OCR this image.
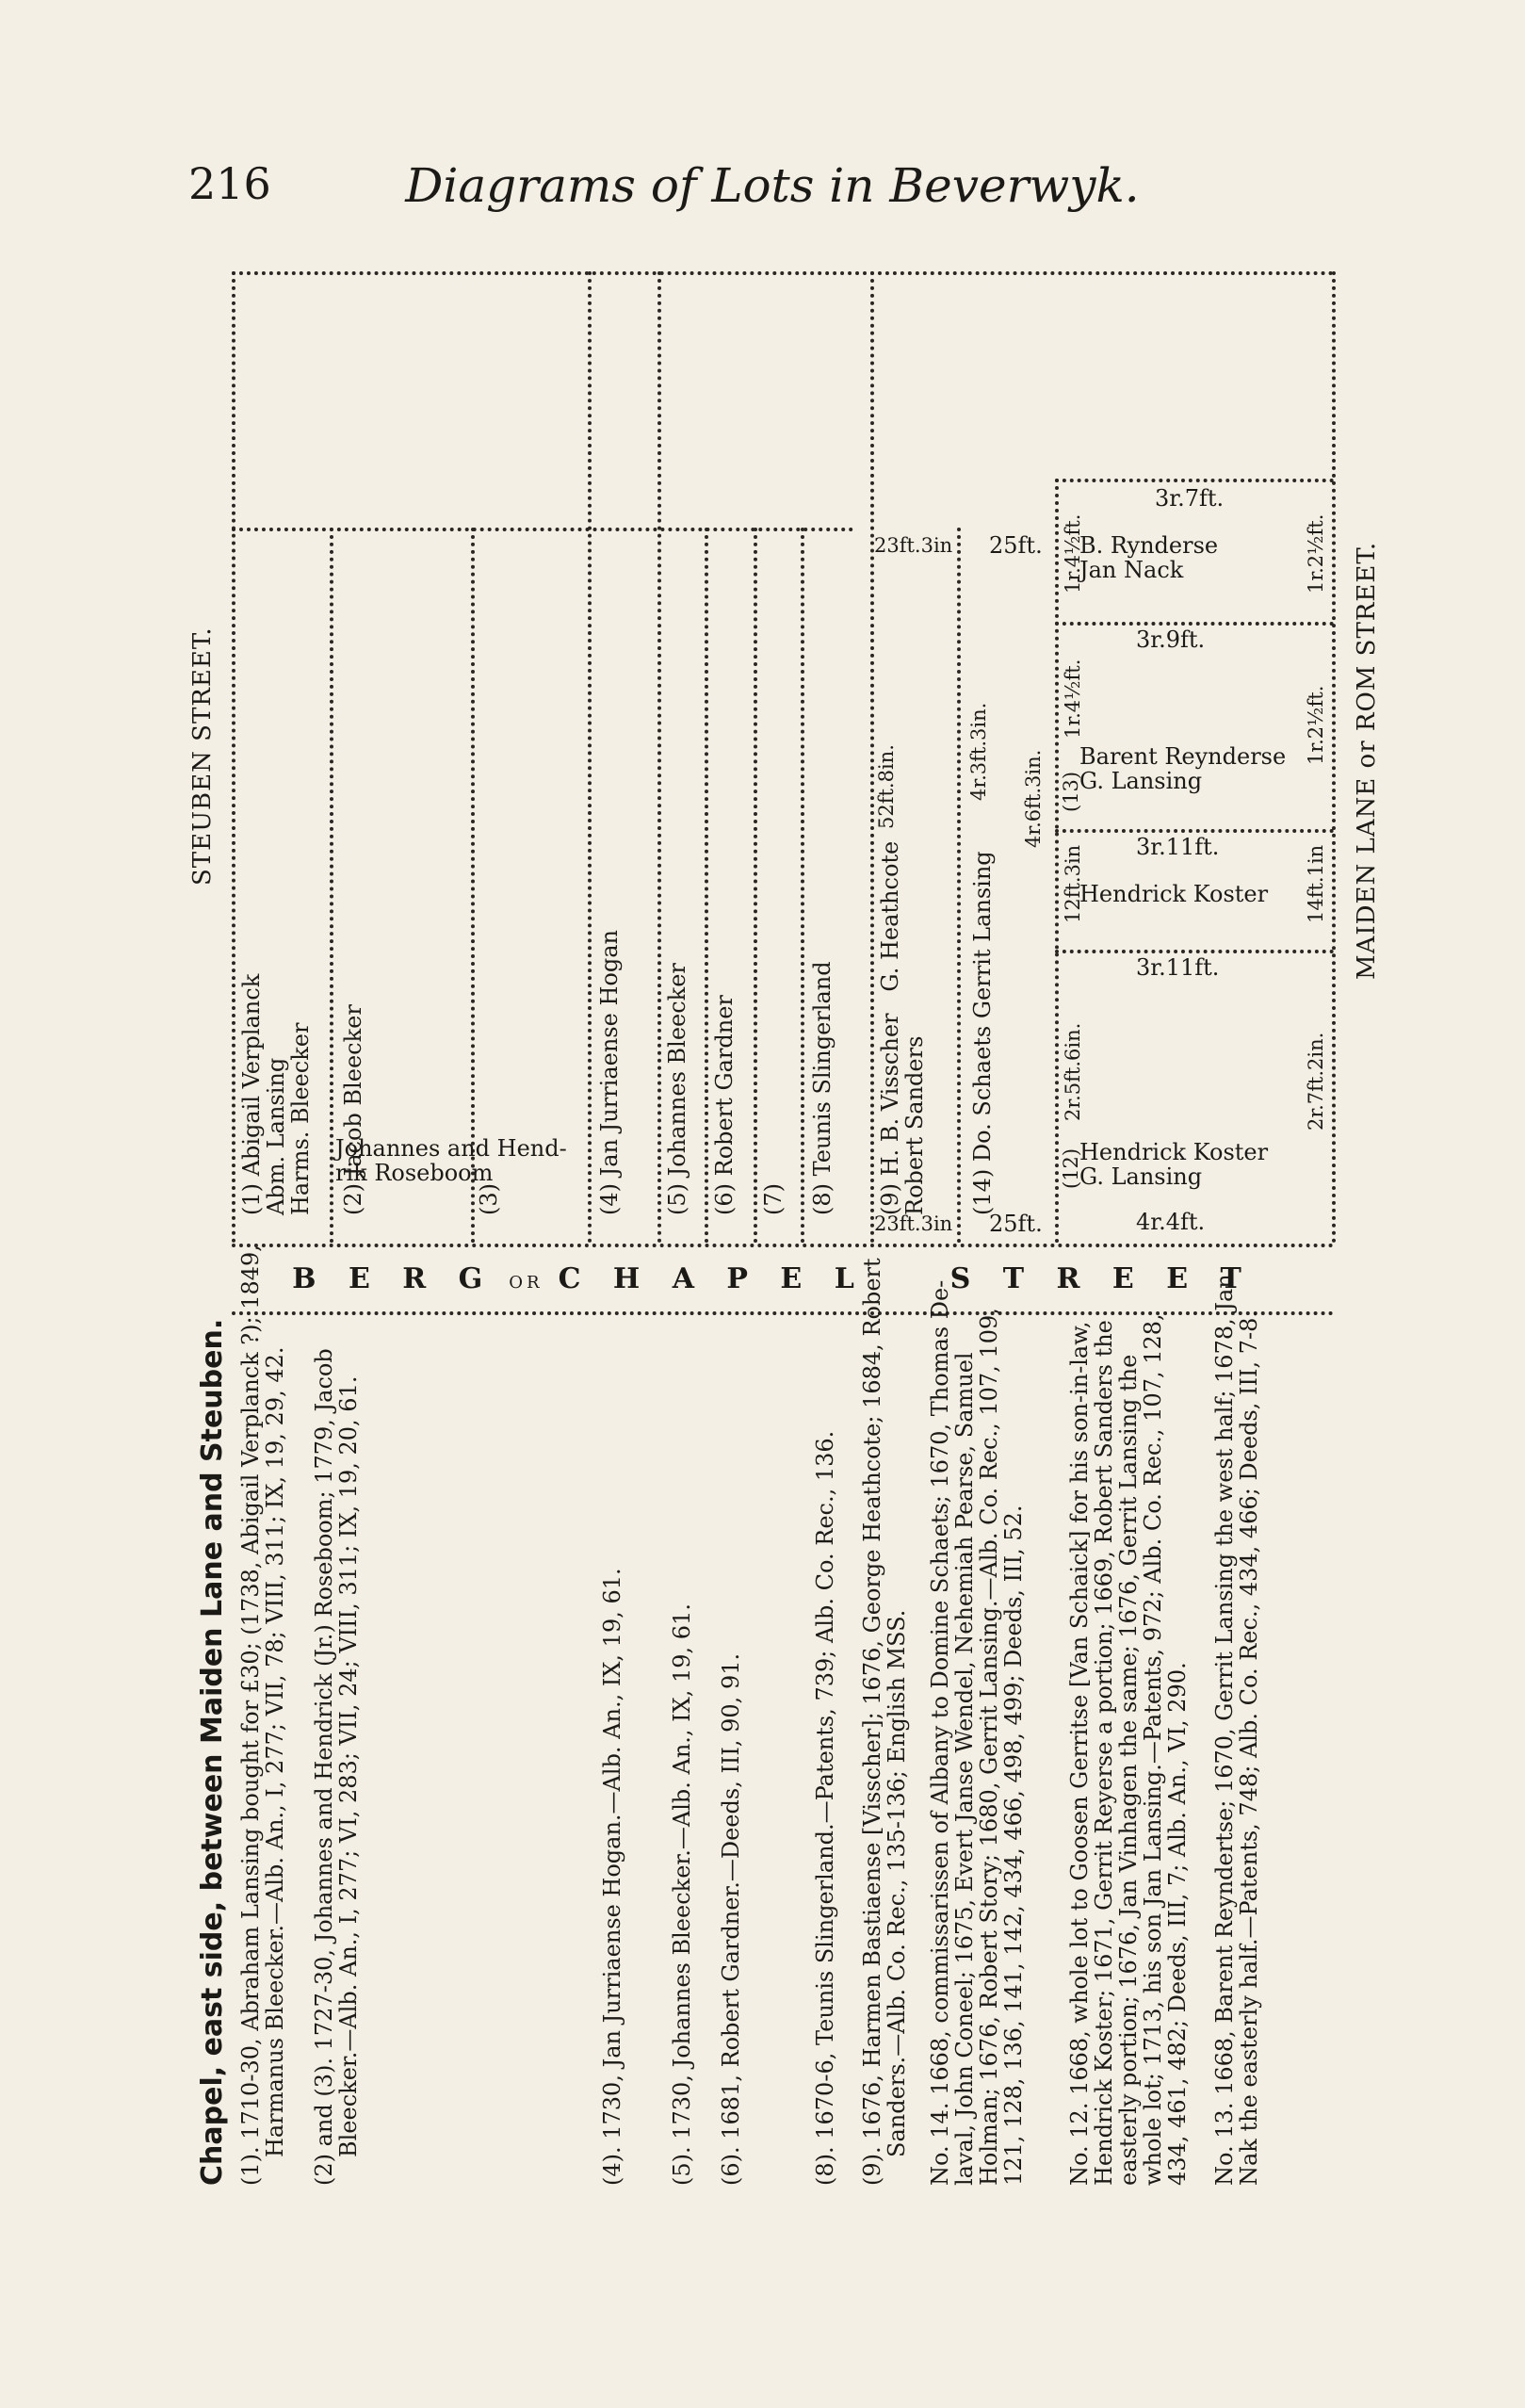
216	Diagrams of Lots in Beverwyk.
STEUBEN STREET.	MAIDEN LANE or ROM STREET.
(1) Abigail Verplanck
Abm. Lansing
Harms. Bleecker (2) Jacob Bleecker
Johannes and Hend-
rik Roseboom
(3)	(4) Jan Jurriaense Hogan (5) Johannes Bleecker (6) Robert Gardner (7) (8) Teunis Slingerland (9) H. B. Visscher   G. Heathcote
Robert Sanders
52ft.8in.
(14) Do. Schaets Gerrit Lansing
4r.3ft.3in. 4r.6ft.3in.
23ft.3in
23ft.3in
25ft.
25ft.
Hendrick Koster
G. Lansing
(12)
2r.5ft.6in.	2r.7ft.2in.
4r.4ft.
3r.11ft.
Hendrick Koster
12ft.3in	14ft.1in
3r.11ft.
Barent Reynderse
G. Lansing
(13)
1r.4½ft.	1r.2½ft.
3r.9ft.
B. Rynderse
Jan Nack
1r.4½ft.	1r.2½ft.
3r.7ft.
B E R G OR C H A P E L	S T R E E T
Chapel, east side, between Maiden Lane and Steuben. (1). 1710-30, Abraham Lansing bought for £30; (1738, Abigail Verplanck ?); 1849,
Harmanus Bleecker.—Alb. An., I, 277; VII, 78; VIII, 311; IX, 19, 29, 42. (2) and (3). 1727-30, Johannes and Hendrick (Jr.) Roseboom; 1779, Jacob
Bleecker.—Alb. An., I, 277; VI, 283; VII, 24; VIII, 311; IX, 19, 20, 61.	(4). 1730, Jan Jurriaense Hogan.—Alb. An., IX, 19, 61. (5). 1730, Johannes Bleecker.—Alb. An., IX, 19, 61. (6). 1681, Robert Gardner.—Deeds, III, 90, 91.	(8). 1670-6, Teunis Slingerland.—Patents, 739; Alb. Co. Rec., 136. (9). 1676, Harmen Bastiaense [Visscher]; 1676, George Heathcote; 1684, Robert
Sanders.—Alb. Co. Rec., 135-136; English MSS. No. 14. 1668, commissarissen of Albany to Domine Schaets; 1670, Thomas De-
laval, John Coneel; 1675, Evert Janse Wendel, Nehemiah Pearse, Samuel
Holman; 1676, Robert Story; 1680, Gerrit Lansing.—Alb. Co. Rec., 107, 109,
121, 128, 136, 141, 142, 434, 466, 498, 499; Deeds, III, 52. No. 12. 1668, whole lot to Goosen Gerritse [Van Schaick] for his son-in-law,
Hendrick Koster; 1671, Gerrit Reyerse a portion; 1669, Robert Sanders the
easterly portion; 1676, Jan Vinhagen the same; 1676, Gerrit Lansing the
whole lot; 1713, his son Jan Lansing.—Patents, 972; Alb. Co. Rec., 107, 128,
434, 461, 482; Deeds, III, 7; Alb. An., VI, 290. No. 13. 1668, Barent Reyndertse; 1670, Gerrit Lansing the west half; 1678, Jan
Nak the easterly half.—Patents, 748; Alb. Co. Rec., 434, 466; Deeds, III, 7-8.
